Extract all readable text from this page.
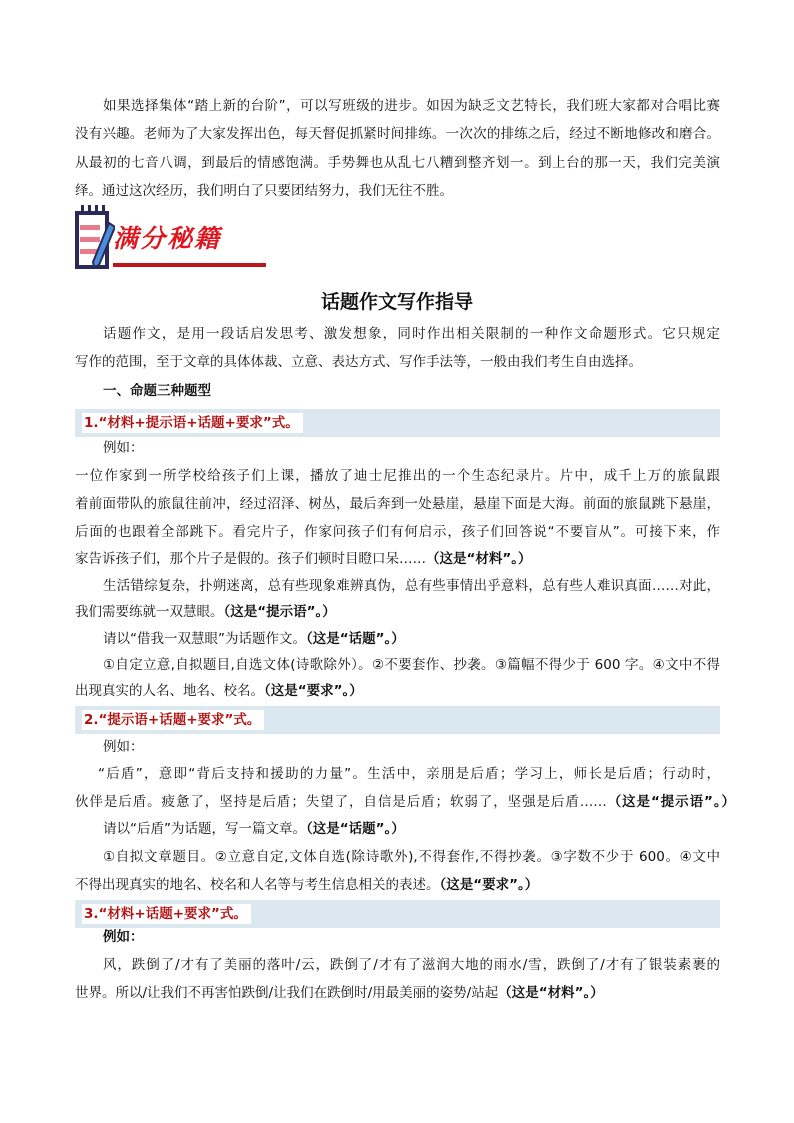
如果选择集体“踏上新的台阶”，可以写班级的进步。如因为缺乏文艺特长，我们班大家都对合唱比赛
没有兴趣。老师为了大家发挥出色，每天督促抓紧时间排练。一次次的排练之后，经过不断地修改和磨合。
从最初的七音八调，到最后的情感饱满。手势舞也从乱七八糟到整齐划一。到上台的那一天，我们完美演
绎。通过这次经历，我们明白了只要团结努力，我们无往不胜。
满分秘籍
话题作文写作指导
话题作文，是用一段话启发思考、激发想象，同时作出相关限制的一种作文命题形式。它只规定
写作的范围，至于文章的具体体裁、立意、表达方式、写作手法等，一般由我们考生自由选择。
一、命题三种题型
1.“材料+提示语+话题+要求”式。
例如：
一位作家到一所学校给孩子们上课，播放了迪士尼推出的一个生态纪录片。片中，成千上万的旅鼠跟
着前面带队的旅鼠往前冲，经过沼泽、树丛，最后奔到一处悬崖，悬崖下面是大海。前面的旅鼠跳下悬崖，
后面的也跟着全部跳下。看完片子，作家问孩子们有何启示，孩子们回答说“不要盲从”。可接下来，作
家告诉孩子们，那个片子是假的。孩子们顿时目瞪口呆……（这是“材料”。）
生活错综复杂，扑朔迷离，总有些现象难辨真伪，总有些事情出乎意料，总有些人难识真面……对此，
我们需要练就一双慧眼。（这是“提示语”。）
请以“借我一双慧眼”为话题作文。（这是“话题”。）
①自定立意,自拟题目,自选文体(诗歌除外）。②不要套作、抄袭。③篇幅不得少于 600 字。④文中不得
出现真实的人名、地名、校名。（这是“要求”。）
2.“提示语+话题+要求”式。
例如：
“后盾”，意即“背后支持和援助的力量”。生活中，亲朋是后盾；学习上，师长是后盾；行动时，
伙伴是后盾。疲惫了，坚持是后盾；失望了，自信是后盾；软弱了，坚强是后盾……（这是“提示语”。）
请以“后盾”为话题，写一篇文章。（这是“话题”。）
①自拟文章题目。②立意自定,文体自选(除诗歌外),不得套作,不得抄袭。③字数不少于 600。④文中
不得出现真实的地名、校名和人名等与考生信息相关的表述。（这是“要求”。）
3.“材料+话题+要求”式。
例如：
风，跌倒了/才有了美丽的落叶/云，跌倒了/才有了滋润大地的雨水/雪，跌倒了/才有了银装素裹的
世界。所以/让我们不再害怕跌倒/让我们在跌倒时/用最美丽的姿势/站起（这是“材料”。）
